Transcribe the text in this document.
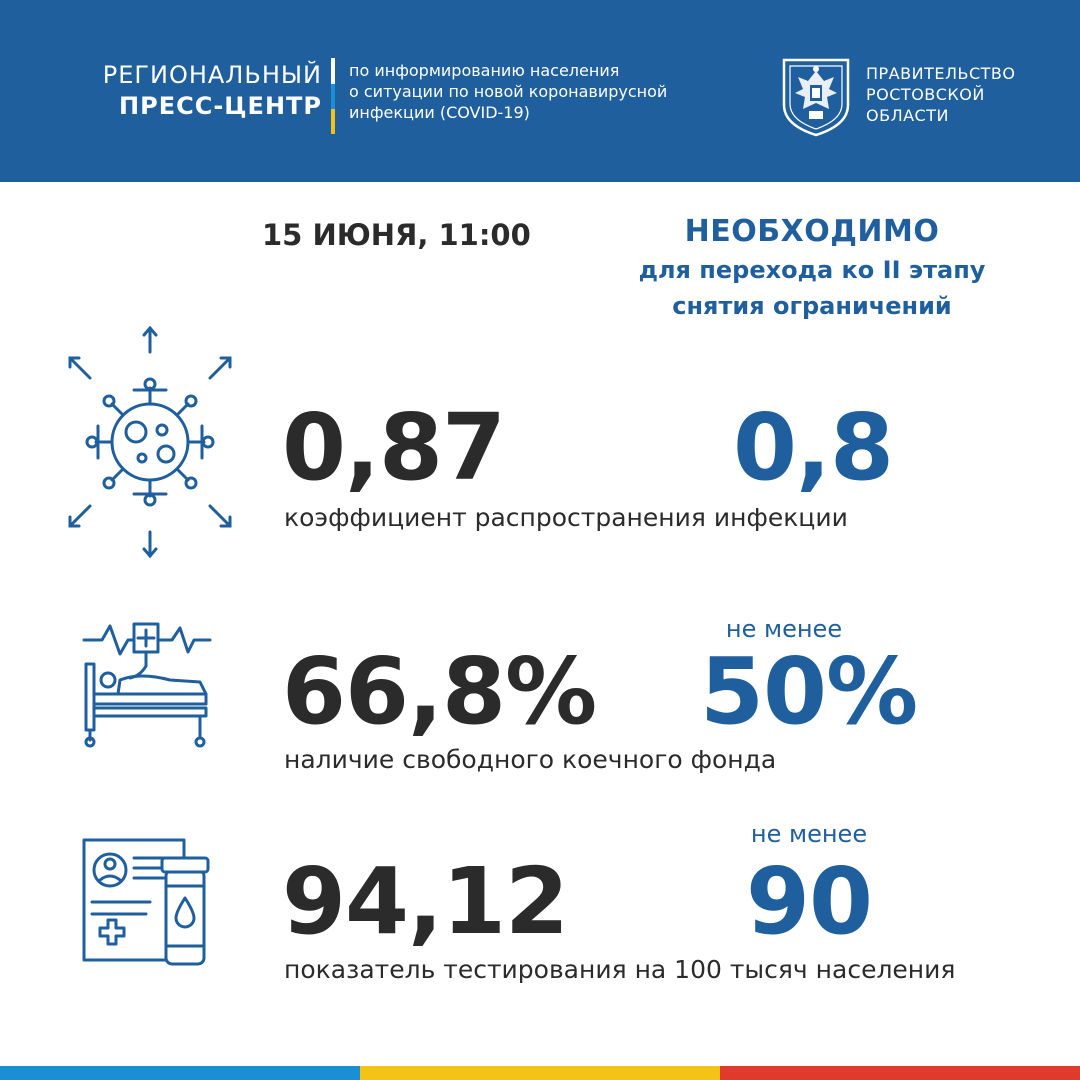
РЕГИОНАЛЬНЫЙ
ПРЕСС-ЦЕНТР
по информированию населения
о ситуации по новой коронавирусной
инфекции (COVID-19)
ПРАВИТЕЛЬСТВО
РОСТОВСКОЙ
ОБЛАСТИ
15 ИЮНЯ, 11:00	НЕОБХОДИМО
для перехода ко II этапу
снятия ограничений
0,87 0,8
коэффициент распространения инфекции
не менее
66,8% 50%
наличие свободного коечного фонда
не менее
94,12 90
показатель тестирования на 100 тысяч населения
